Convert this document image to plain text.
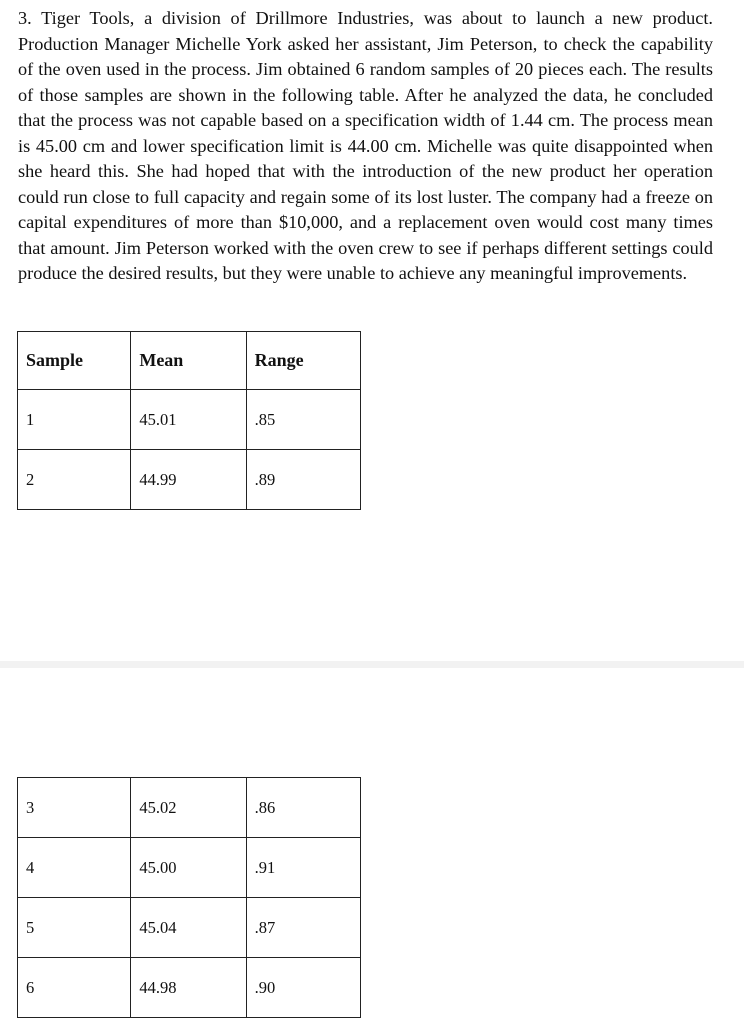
3. Tiger Tools, a division of Drillmore Industries, was about to launch a new product. Production Manager Michelle York asked her assistant, Jim Peterson, to check the capability of the oven used in the process. Jim obtained 6 random samples of 20 pieces each. The results of those samples are shown in the following table. After he analyzed the data, he concluded that the process was not capable based on a specification width of 1.44 cm. The process mean is 45.00 cm and lower specification limit is 44.00 cm. Michelle was quite disappointed when she heard this. She had hoped that with the introduction of the new product her operation could run close to full capacity and regain some of its lost luster. The company had a freeze on capital expenditures of more than $10,000, and a replacement oven would cost many times that amount. Jim Peterson worked with the oven crew to see if perhaps different settings could produce the desired results, but they were unable to achieve any meaningful improvements.

Sample	Mean	Range
1	45.01	.85
2	44.99	.89
3	45.02	.86
4	45.00	.91
5	45.04	.87
6	44.98	.90
